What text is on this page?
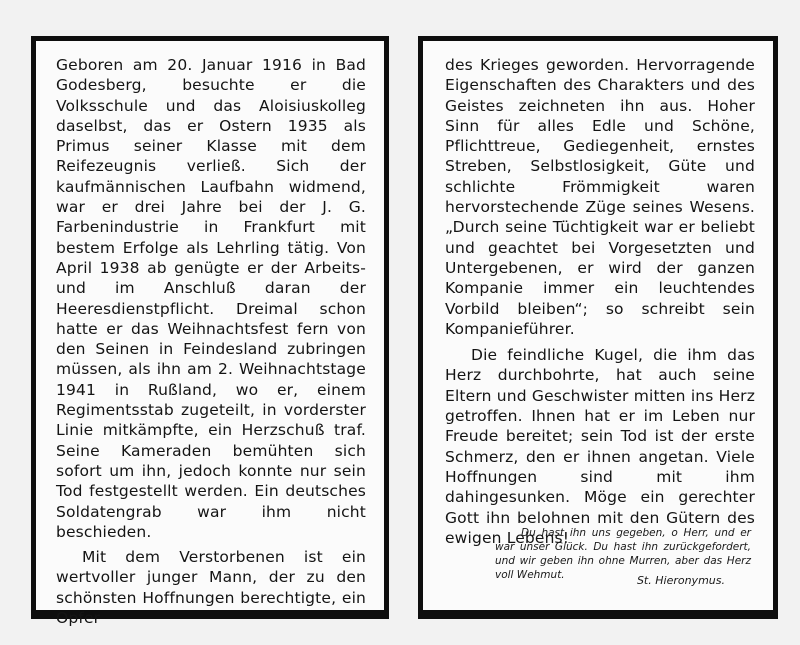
Geboren am 20. Januar 1916 in Bad Godesberg, besuchte er die Volksschule und das Aloisiuskolleg daselbst, das er Ostern 1935 als Primus seiner Klasse mit dem Reifezeugnis verließ. Sich der kaufmännischen Laufbahn widmend, war er drei Jahre bei der J. G. Farbenindustrie in Frankfurt mit bestem Erfolge als Lehrling tätig. Von April 1938 ab genügte er der Arbeits- und im Anschluß daran der Heeresdienstpflicht. Dreimal schon hatte er das Weihnachtsfest fern von den Seinen in Feindesland zubringen müssen, als ihn am 2. Weihnachtstage 1941 in Rußland, wo er, einem Regimentsstab zugeteilt, in vorderster Linie mitkämpfte, ein Herzschuß traf. Seine Kameraden bemühten sich sofort um ihn, jedoch konnte nur sein Tod festgestellt werden. Ein deutsches Soldatengrab war ihm nicht beschieden.

Mit dem Verstorbenen ist ein wertvoller junger Mann, der zu den schönsten Hoffnungen berechtigte, ein Opfer

des Krieges geworden. Hervorragende Eigenschaften des Charakters und des Geistes zeichneten ihn aus. Hoher Sinn für alles Edle und Schöne, Pflichttreue, Gediegenheit, ernstes Streben, Selbstlosigkeit, Güte und schlichte Frömmigkeit waren hervorstechende Züge seines Wesens. „Durch seine Tüchtigkeit war er beliebt und geachtet bei Vorgesetzten und Untergebenen, er wird der ganzen Kompanie immer ein leuchtendes Vorbild bleiben“; so schreibt sein Kompanieführer.

Die feindliche Kugel, die ihm das Herz durchbohrte, hat auch seine Eltern und Geschwister mitten ins Herz getroffen. Ihnen hat er im Leben nur Freude bereitet; sein Tod ist der erste Schmerz, den er ihnen angetan. Viele Hoffnungen sind mit ihm dahingesunken. Möge ein gerechter Gott ihn belohnen mit den Gütern des ewigen Lebens!

Du hast ihn uns gegeben, o Herr, und er war unser Glück. Du hast ihn zurückgefordert, und wir geben ihn ohne Murren, aber das Herz voll Wehmut.	St. Hieronymus.
